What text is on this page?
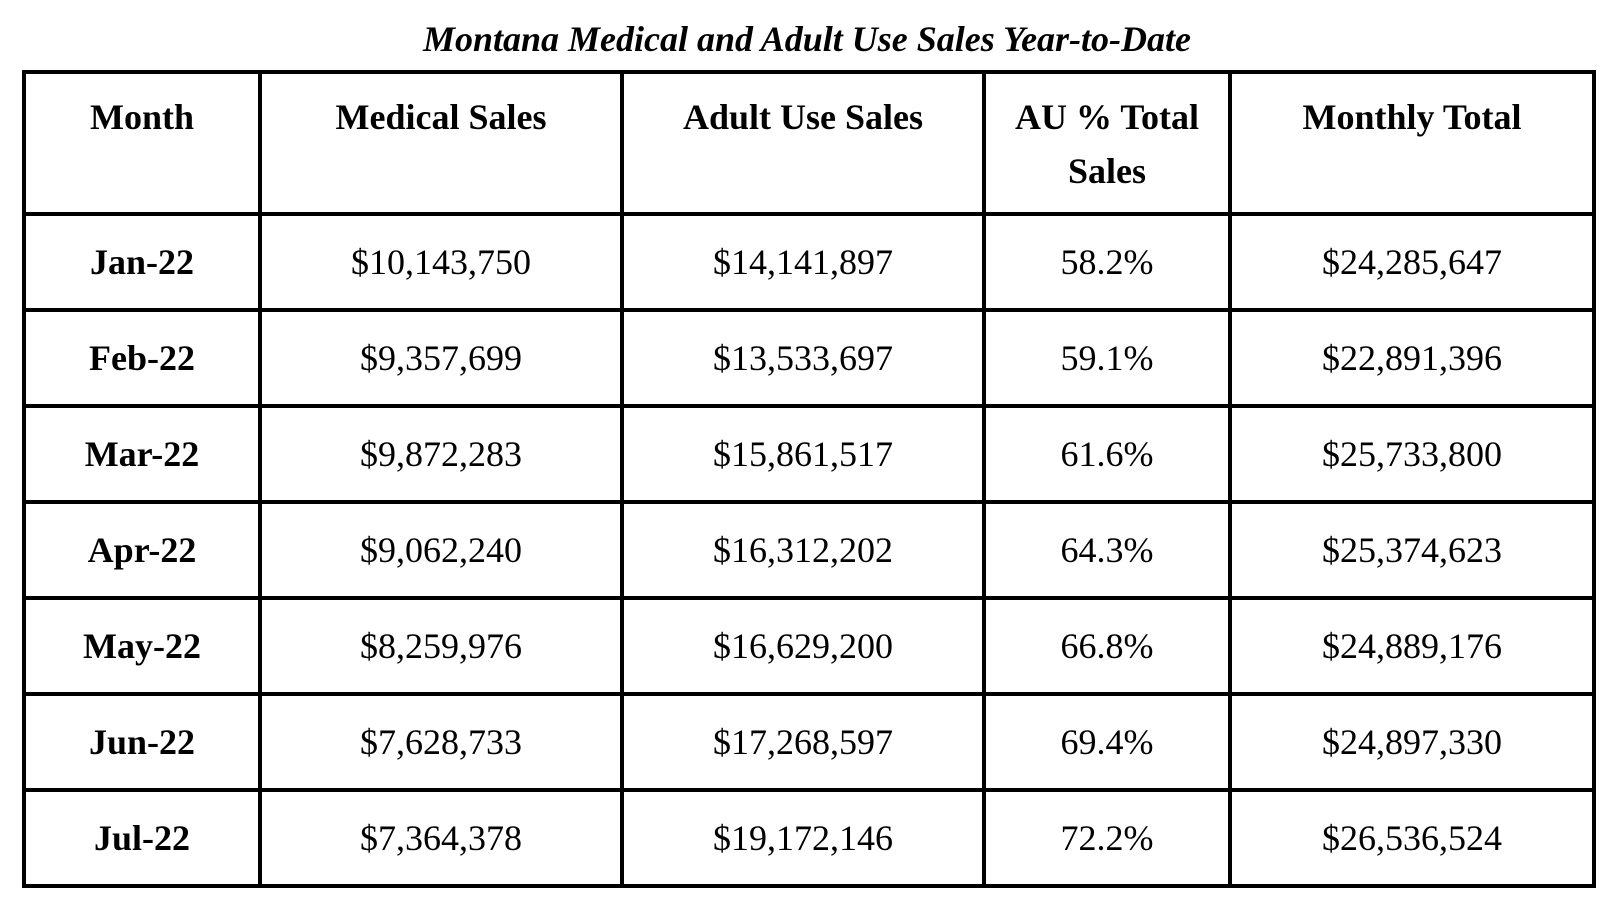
Montana Medical and Adult Use Sales Year-to-Date
Month	Medical Sales	Adult Use Sales	AU % Total Sales	Monthly Total
Jan-22	$10,143,750	$14,141,897	58.2%	$24,285,647
Feb-22	$9,357,699	$13,533,697	59.1%	$22,891,396
Mar-22	$9,872,283	$15,861,517	61.6%	$25,733,800
Apr-22	$9,062,240	$16,312,202	64.3%	$25,374,623
May-22	$8,259,976	$16,629,200	66.8%	$24,889,176
Jun-22	$7,628,733	$17,268,597	69.4%	$24,897,330
Jul-22	$7,364,378	$19,172,146	72.2%	$26,536,524
